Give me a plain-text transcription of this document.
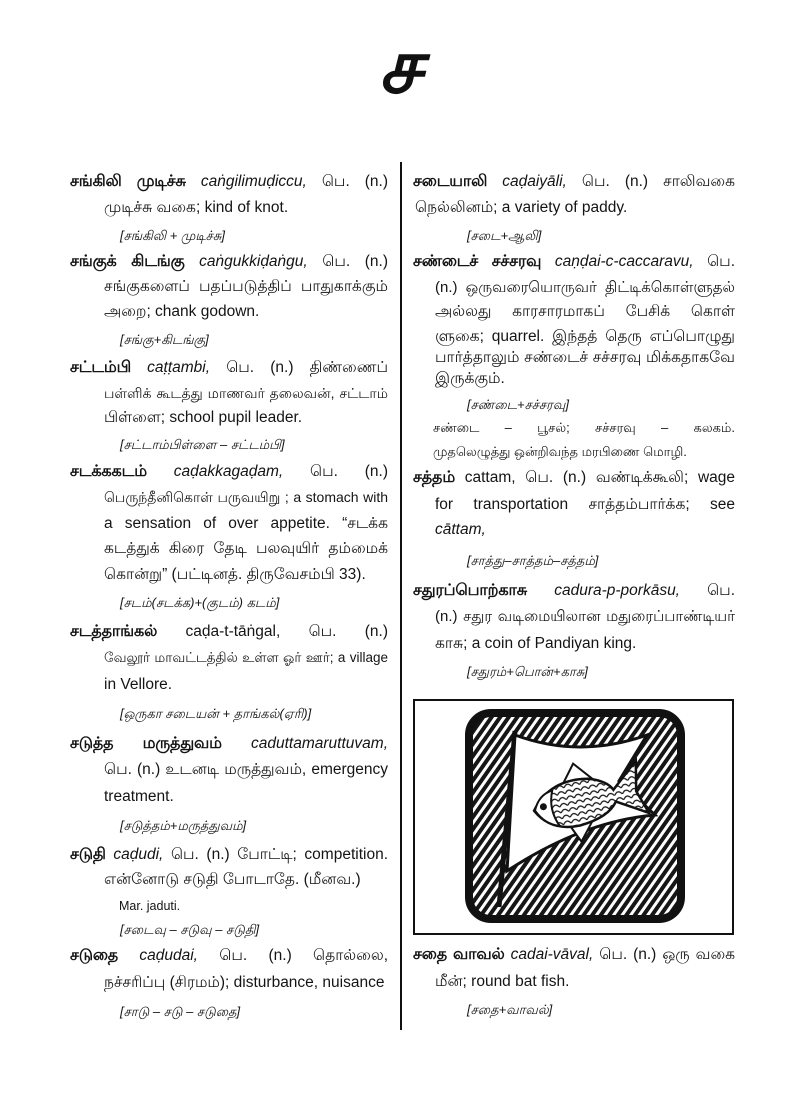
ச
சங்கிலி முடிச்சு caṅgilimuḍiccu, பெ. (n.)
முடிச்சு வகை; kind of knot.
[சங்கிலி + முடிச்சு]
சங்குக் கிடங்கு caṅgukkiḍaṅgu, பெ. (n.)
சங்குகளைப் பதப்படுத்திப் பாதுகாக்கும்
அறை; chank godown.
[சங்கு+கிடங்கு]
சட்டம்பி caṭṭambi, பெ. (n.) திண்ணைப்
பள்ளிக் கூடத்து மாணவர் தலைவன், சட்டாம்
பிள்ளை; school pupil leader.
[சட்டாம்பிள்ளை – சட்டம்பி]
சடக்ககடம் caḍakkagaḍam, பெ. (n.)
பெருந்தீனிகொள் பருவயிறு ; a stomach with
a sensation of over appetite. “சடக்க
கடத்துக் கிரை தேடி பலவுயிர் தம்மைக்
கொன்று” (பட்டினத். திருவேசம்பி 33).
[சடம்(சடக்க)+(குடம்) கடம்]
சடத்தாங்கல் caḍa-t-tāṅgal, பெ. (n.)
வேலூர் மாவட்டத்தில் உள்ள ஓர் ஊர்; a village
in Vellore.
[ஒருகா சடையன் + தாங்கல்(ஏரி)]
சடுத்த மருத்துவம் caduttamaruttuvam,
பெ. (n.) உடனடி மருத்துவம், emergency
treatment.
[சடுத்தம்+மருத்துவம்]
சடுதி caḍudi, பெ. (n.) போட்டி; competition.
என்னோடு சடுதி போடாதே. (மீனவ.)
Mar. jaduti.
[சடைவு – சடுவு – சடுதி]
சடுதை caḍudai, பெ. (n.) தொல்லை,
நச்சரிப்பு (சிரமம்); disturbance, nuisance
[சாடு – சடு – சடுதை]
சடையாலி caḍaiyāli, பெ. (n.) சாலிவகை
நெல்லினம்; a variety of paddy.
[சடை+ஆலி]
சண்டைச் சச்சரவு caṇḍai-c-caccaravu, பெ.
(n.) ஒருவரையொருவர் திட்டிக்கொள்ளுதல்
அல்லது காரசாரமாகப் பேசிக் கொள்
ளுகை; quarrel. இந்தத் தெரு எப்பொழுது
பார்த்தாலும் சண்டைச் சச்சரவு மிக்கதாகவே
இருக்கும்.
[சண்டை+சச்சரவு]
சண்டை – பூசல்; சச்சரவு – கலகம்.
முதலெழுத்து ஒன்றிவந்த மரபிணை மொழி.
சத்தம் cattam, பெ. (n.) வண்டிக்கூலி; wage
for transportation சாத்தம்பார்க்க; see
cāttam,
[சாத்து–சாத்தம்–சத்தம்]
சதுரப்பொற்காசு cadura-p-porkāsu, பெ.
(n.) சதுர வடிமையிலான மதுரைப்பாண்டியர்
காசு; a coin of Pandiyan king.
[சதுரம்+பொன்+காசு]
சதை வாவல் cadai-vāval, பெ. (n.) ஒரு வகை
மீன்; round bat fish.
[சதை+வாவல்]
